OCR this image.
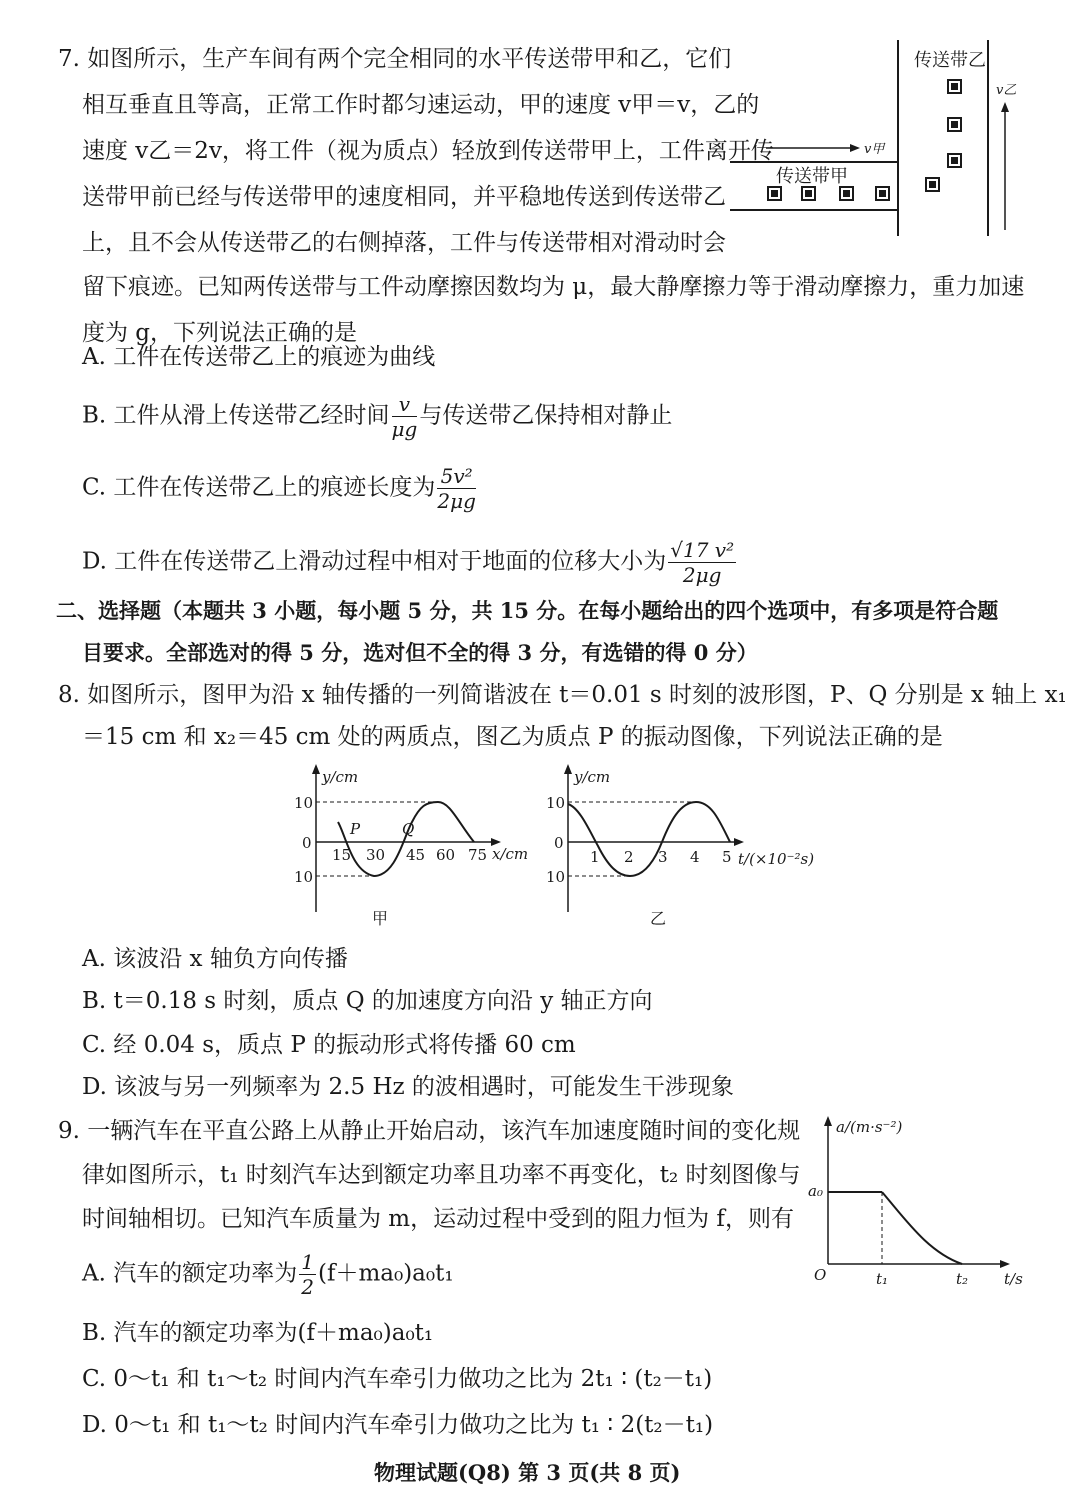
7. 如图所示，生产车间有两个完全相同的水平传送带甲和乙，它们
相互垂直且等高，正常工作时都匀速运动，甲的速度 v甲＝v，乙的
速度 v乙＝2v，将工件（视为质点）轻放到传送带甲上，工件离开传
送带甲前已经与传送带甲的速度相同，并平稳地传送到传送带乙
上，且不会从传送带乙的右侧掉落，工件与传送带相对滑动时会
留下痕迹。已知两传送带与工件动摩擦因数均为 μ，最大静摩擦力等于滑动摩擦力，重力加速
度为 g，下列说法正确的是
传送带乙
传送带甲
v甲
v乙
A. 工件在传送带乙上的痕迹为曲线
B. 工件从滑上传送带乙经时间 $\frac{v}{\mu g}$ 与传送带乙保持相对静止
C. 工件在传送带乙上的痕迹长度为 $\frac{\text{5v²}}{2\mu g}$
D. 工件在传送带乙上滑动过程中相对于地面的位移大小为 $\frac{\text{√17 v²}}{2\mu g}$
二、选择题（本题共 3 小题，每小题 5 分，共 15 分。在每小题给出的四个选项中，有多项是符合题
目要求。全部选对的得 5 分，选对但不全的得 3 分，有选错的得 0 分）
8. 如图所示，图甲为沿 x 轴传播的一列简谐波在 t＝0.01 s 时刻的波形图，P、Q 分别是 x 轴上 x₁
＝15 cm 和 x₂＝45 cm 处的两质点，图乙为质点 P 的振动图像，下列说法正确的是
y/cm
x/cm
10
0
10
15 30 45 60 75
P	Q
甲
y/cm
t/(×10⁻²s)
10
0
10
1 2 3 4 5
乙
A. 该波沿 x 轴负方向传播
B. t＝0.18 s 时刻，质点 Q 的加速度方向沿 y 轴正方向
C. 经 0.04 s，质点 P 的振动形式将传播 60 cm
D. 该波与另一列频率为 2.5 Hz 的波相遇时，可能发生干涉现象
9. 一辆汽车在平直公路上从静止开始启动，该汽车加速度随时间的变化规
律如图所示，t₁ 时刻汽车达到额定功率且功率不再变化，t₂ 时刻图像与
时间轴相切。已知汽车质量为 m，运动过程中受到的阻力恒为 f，则有
a/(m·s⁻²)
t/s
a₀
O	t₁	t₂
A. 汽车的额定功率为 $\frac{1}{2} (f+ma_0)a_0t_1$
B. 汽车的额定功率为(f＋ma₀)a₀t₁
C. 0～t₁ 和 t₁～t₂ 时间内汽车牵引力做功之比为 2t₁ ∶ (t₂－t₁)
D. 0～t₁ 和 t₁～t₂ 时间内汽车牵引力做功之比为 t₁ ∶ 2(t₂－t₁)
物理试题(Q8) 第 3 页(共 8 页)
